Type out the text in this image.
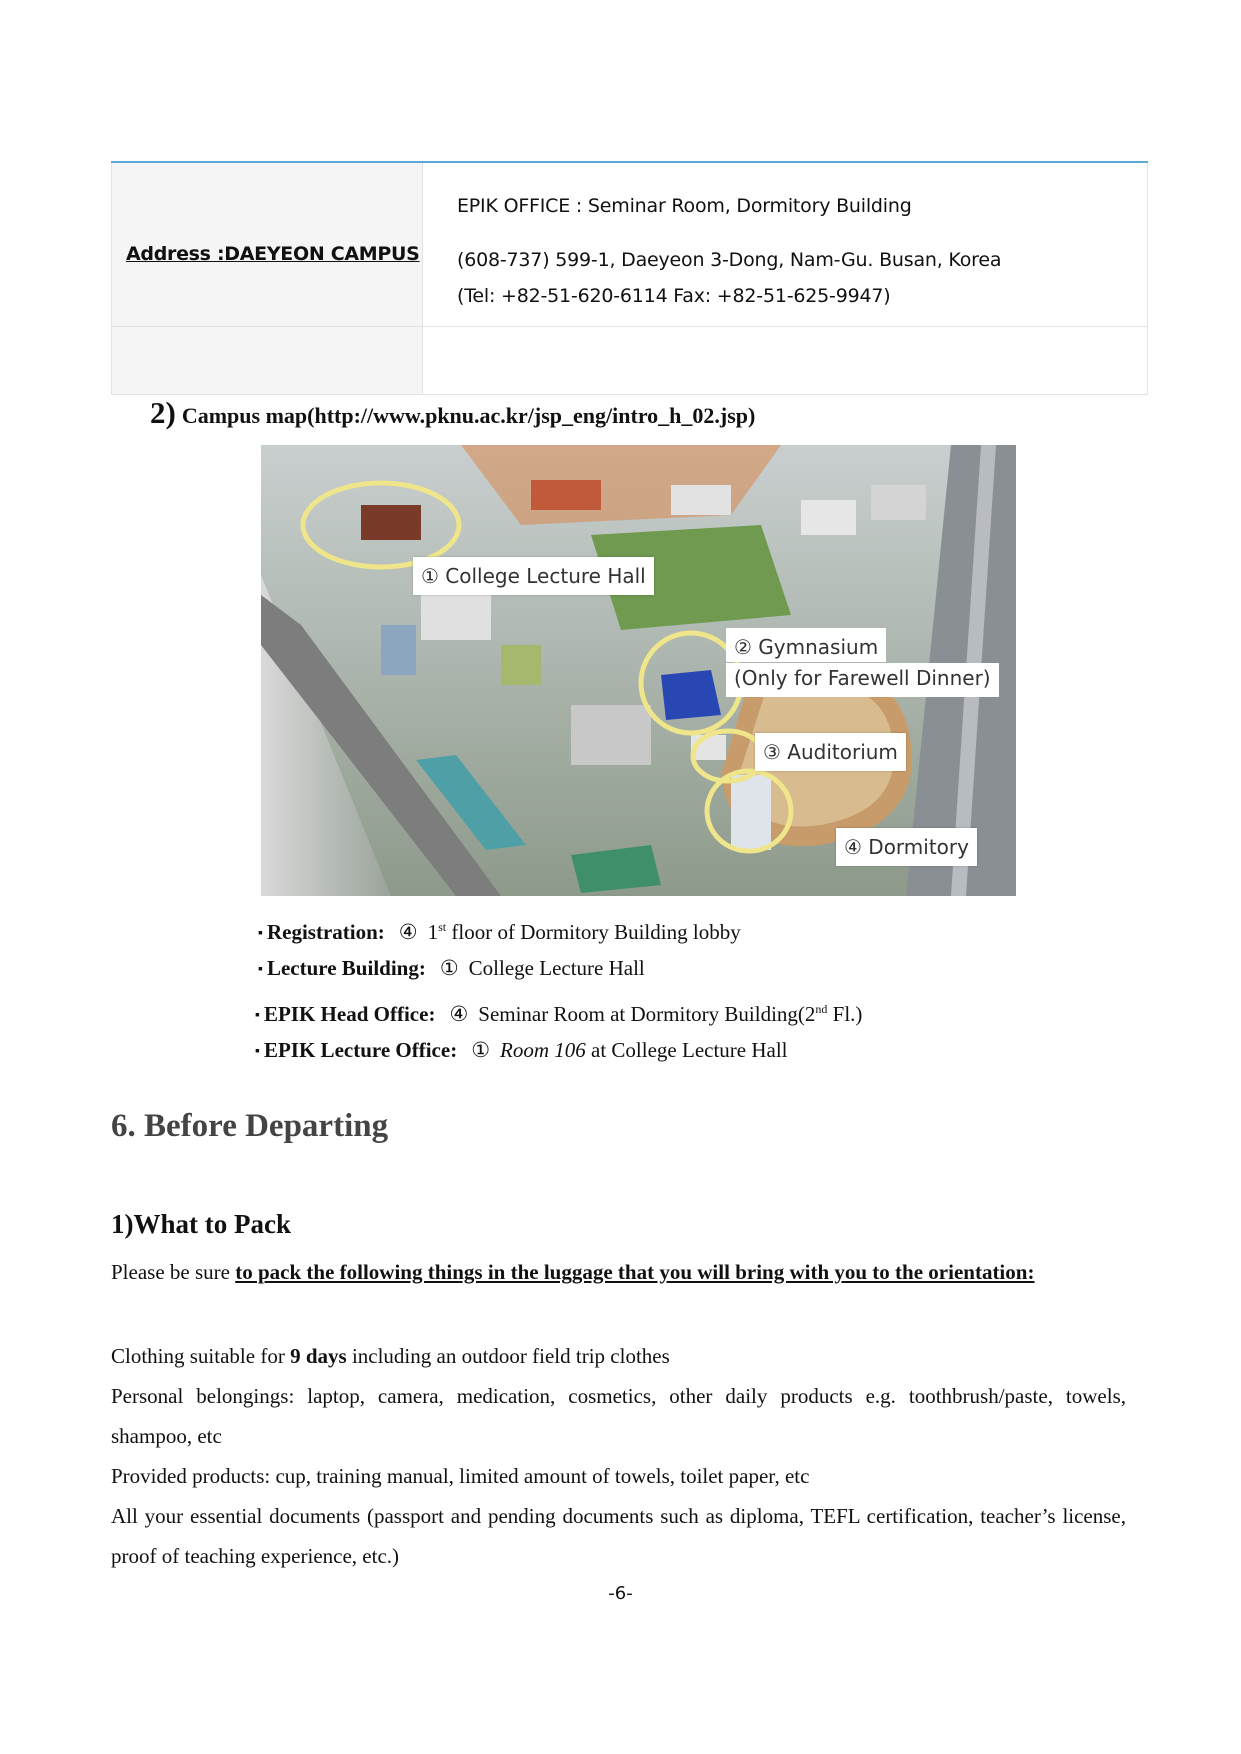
Address :DAEYEON CAMPUS
EPIK OFFICE : Seminar Room, Dormitory Building
(608-737) 599-1, Daeyeon 3-Dong, Nam-Gu. Busan, Korea
(Tel: +82-51-620-6114 Fax: +82-51-625-9947)
2) Campus map(http://www.pknu.ac.kr/jsp_eng/intro_h_02.jsp)
① College Lecture Hall
② Gymnasium
(Only for Farewell Dinner)
③ Auditorium
④ Dormitory
▪ Registration: ④ 1st floor of Dormitory Building lobby
▪ Lecture Building: ① College Lecture Hall
▪ EPIK Head Office: ④ Seminar Room at Dormitory Building(2nd Fl.)
▪ EPIK Lecture Office: ① Room 106 at College Lecture Hall
6. Before Departing
1)What to Pack

Please be sure to pack the following things in the luggage that you will bring with you to the orientation:

Clothing suitable for 9 days including an outdoor field trip clothes
Personal belongings: laptop, camera, medication, cosmetics, other daily products e.g. toothbrush/paste, towels, shampoo, etc
Provided products: cup, training manual, limited amount of towels, toilet paper, etc
All your essential documents (passport and pending documents such as diploma, TEFL certification, teacher’s license, proof of teaching experience, etc.)
-6-
